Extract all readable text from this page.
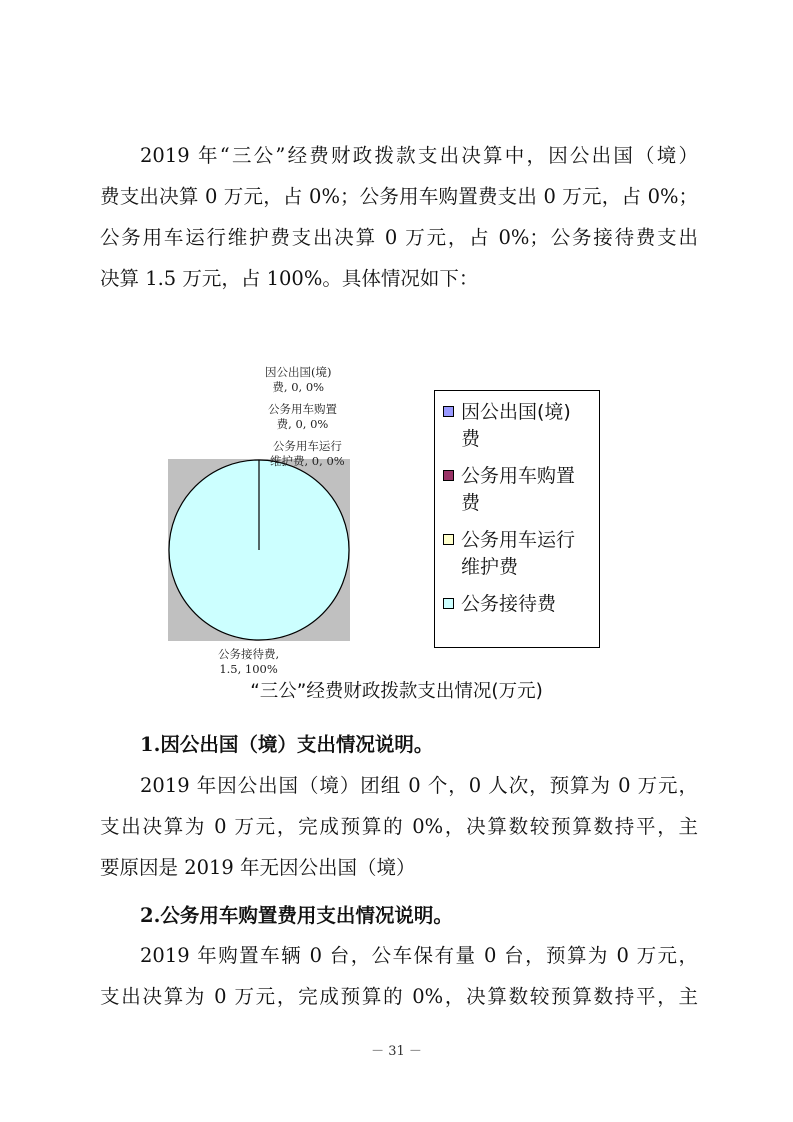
2019 年“三公”经费财政拨款支出决算中，因公出国（境）
费支出决算 0 万元，占 0%；公务用车购置费支出 0 万元，占 0%；
公务用车运行维护费支出决算 0 万元，占 0%；公务接待费支出
决算 1.5 万元，占 100%。具体情况如下：
因公出国(境)
费, 0, 0%
公务用车购置
费, 0, 0%
公务用车运行
维护费, 0, 0%
公务接待费,
1.5, 100%
因公出国(境)
费
公务用车购置
费
公务用车运行
维护费
公务接待费
“三公”经费财政拨款支出情况(万元)
1.因公出国（境）支出情况说明。
2019 年因公出国（境）团组 0 个，0 人次，预算为 0 万元，
支出决算为 0 万元，完成预算的 0%，决算数较预算数持平，主
要原因是 2019 年无因公出国（境）
2.公务用车购置费用支出情况说明。
2019 年购置车辆 0 台，公车保有量 0 台，预算为 0 万元，
支出决算为 0 万元，完成预算的 0%，决算数较预算数持平，主
－ 31 －
